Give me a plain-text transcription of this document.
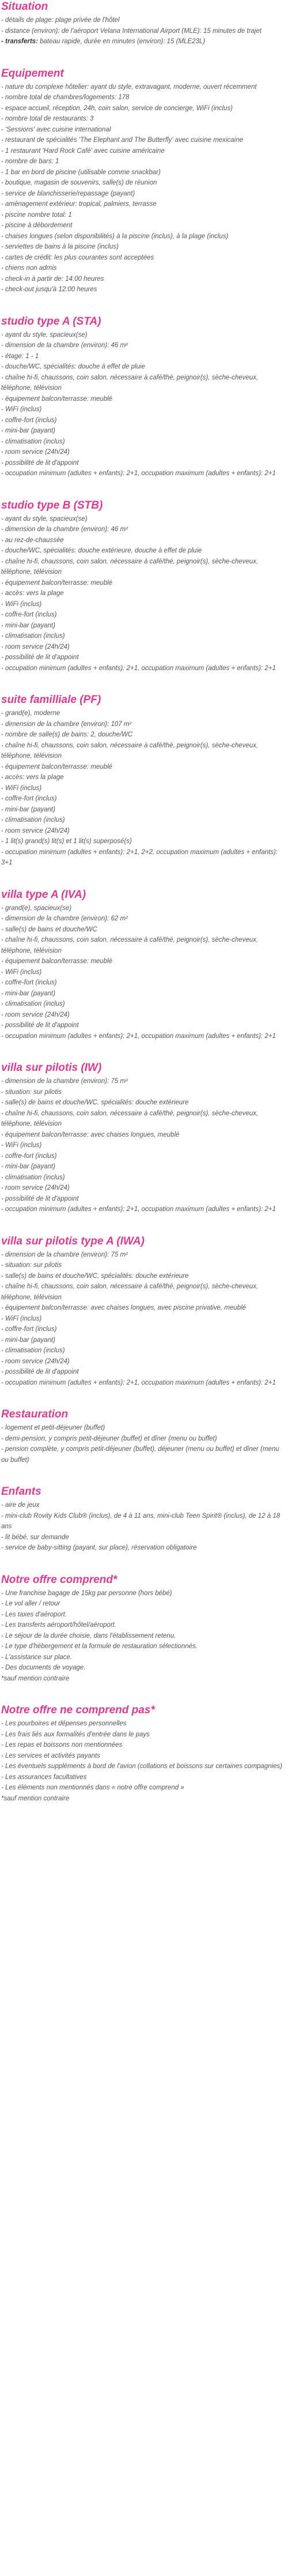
Situation

- détails de plage: plage privée de l'hôtel

- distance (environ): de l'aéroport Velana International Airport (MLE): 15 minutes de trajet

- transferts: bateau rapide, durée en minutes (environ): 15 (MLE23L)

Equipement

- nature du complexe hôtelier: ayant du style, extravagant, moderne, ouvert récemment

- nombre total de chambres/logements: 178

- espace accueil, réception, 24h, coin salon, service de concierge, WiFi (inclus)

- nombre total de restaurants: 3

- 'Sessions' avec cuisine international

- restaurant de spécialités 'The Elephant and The Butterfly' avec cuisine mexicaine

- 1 restaurant 'Hard Rock Café' avec cuisine américaine

- nombre de bars: 1

- 1 bar en bord de piscine (utilisable comme snackbar)

- boutique, magasin de souvenirs, salle(s) de réunion

- service de blanchisserie/repassage (payant)

- aménagement extérieur: tropical, palmiers, terrasse

- piscine nombre total: 1

- piscine à débordement

- chaises longues (selon disponibilités) à la piscine (inclus), à la plage (inclus)

- serviettes de bains à la piscine (inclus)

- cartes de crédit: les plus courantes sont acceptées

- chiens non admis

- check-in à partir de: 14:00 heures

- check-out jusqu'à 12:00 heures

studio type A (STA)

- ayant du style, spacieux(se)

- dimension de la chambre (environ): 46 m²

- étage: 1 - 1

- douche/WC, spécialités: douche à effet de pluie

- chaîne hi-fi, chaussons, coin salon, nécessaire à café/thé, peignoir(s), sèche-cheveux, téléphone, télévision

- équipement balcon/terrasse: meublé

- WiFi (inclus)

- coffre-fort (inclus)

- mini-bar (payant)

- climatisation (inclus)

- room service (24h/24)

- possibilité de lit d'appoint

- occupation minimum (adultes + enfants): 2+1, occupation maximum (adultes + enfants): 2+1

studio type B (STB)

- ayant du style, spacieux(se)

- dimension de la chambre (environ): 46 m²

- au rez-de-chaussée

- douche/WC, spécialités: douche extérieure, douche à effet de pluie

- chaîne hi-fi, chaussons, coin salon, nécessaire à café/thé, peignoir(s), sèche-cheveux, téléphone, télévision

- équipement balcon/terrasse: meublé

- accès: vers la plage

- WiFi (inclus)

- coffre-fort (inclus)

- mini-bar (payant)

- climatisation (inclus)

- room service (24h/24)

- possibilité de lit d'appoint

- occupation minimum (adultes + enfants): 2+1, occupation maximum (adultes + enfants): 2+1

suite familliale (PF)

- grand(e), moderne

- dimension de la chambre (environ): 107 m²

- nombre de salle(s) de bains: 2, douche/WC

- chaîne hi-fi, chaussons, coin salon, nécessaire à café/thé, peignoir(s), sèche-cheveux, téléphone, télévision

- équipement balcon/terrasse: meublé

- accès: vers la plage

- WiFi (inclus)

- coffre-fort (inclus)

- mini-bar (payant)

- climatisation (inclus)

- room service (24h/24)

- 1 lit(s) grand(s) lit(s) et 1 lit(s) superposé(s)

- occupation minimum (adultes + enfants): 2+1, 2+2, occupation maximum (adultes + enfants): 3+1

villa type A (IVA)

- grand(e), spacieux(se)

- dimension de la chambre (environ): 62 m²

- salle(s) de bains et douche/WC

- chaîne hi-fi, chaussons, coin salon, nécessaire à café/thé, peignoir(s), sèche-cheveux, téléphone, télévision

- équipement balcon/terrasse: meublé

- WiFi (inclus)

- coffre-fort (inclus)

- mini-bar (payant)

- climatisation (inclus)

- room service (24h/24)

- possibilité de lit d'appoint

- occupation minimum (adultes + enfants): 2+1, occupation maximum (adultes + enfants): 2+1

villa sur pilotis (IW)

- dimension de la chambre (environ): 75 m²

- situation: sur pilotis

- salle(s) de bains et douche/WC, spécialités: douche extérieure

- chaîne hi-fi, chaussons, coin salon, nécessaire à café/thé, peignoir(s), sèche-cheveux, téléphone, télévision

- équipement balcon/terrasse: avec chaises longues, meublé

- WiFi (inclus)

- coffre-fort (inclus)

- mini-bar (payant)

- climatisation (inclus)

- room service (24h/24)

- possibilité de lit d'appoint

- occupation minimum (adultes + enfants): 2+1, occupation maximum (adultes + enfants): 2+1

villa sur pilotis type A (IWA)

- dimension de la chambre (environ): 75 m²

- situation: sur pilotis

- salle(s) de bains et douche/WC, spécialités: douche extérieure

- chaîne hi-fi, chaussons, coin salon, nécessaire à café/thé, peignoir(s), sèche-cheveux, téléphone, télévision

- équipement balcon/terrasse: avec chaises longues, avec piscine privative, meublé

- WiFi (inclus)

- coffre-fort (inclus)

- mini-bar (payant)

- climatisation (inclus)

- room service (24h/24)

- possibilité de lit d'appoint

- occupation minimum (adultes + enfants): 2+1, occupation maximum (adultes + enfants): 2+1

Restauration

- logement et petit-déjeuner (buffet)

- demi-pension, y compris petit-déjeuner (buffet) et dîner (menu ou buffet)

- pension complète, y compris petit-déjeuner (buffet), déjeuner (menu ou buffet) et dîner (menu ou buffet)

Enfants

- aire de jeux

- mini-club Rovity Kids Club® (inclus), de 4 à 11 ans, mini-club Teen Spirit® (inclus), de 12 à 18 ans

- lit bébé, sur demande

- service de baby-sitting (payant, sur place), réservation obligatoire

Notre offre comprend*

- Une franchise bagage de 15kg par personne (hors bébé)

- Le vol aller / retour

- Les taxes d'aéroport.

- Les transferts aéroport/hôtel/aéroport.

- Le séjour de la durée choisie, dans l'établissement retenu.

- Le type d'hébergement et la formule de restauration sélectionnés.

- L'assistance sur place.

- Des documents de voyage.

*sauf mention contraire

Notre offre ne comprend pas*

- Les pourboires et dépenses personnelles

- Les frais liés aux formalités d'entrée dans le pays

- Les repas et boissons non mentionnées

- Les services et activités payants

- Les éventuels suppléments à bord de l'avion (collations et boissons sur certaines compagnies)

- Les assurances facultatives

- Les éléments non mentionnés dans « notre offre comprend »

*sauf mention contraire
